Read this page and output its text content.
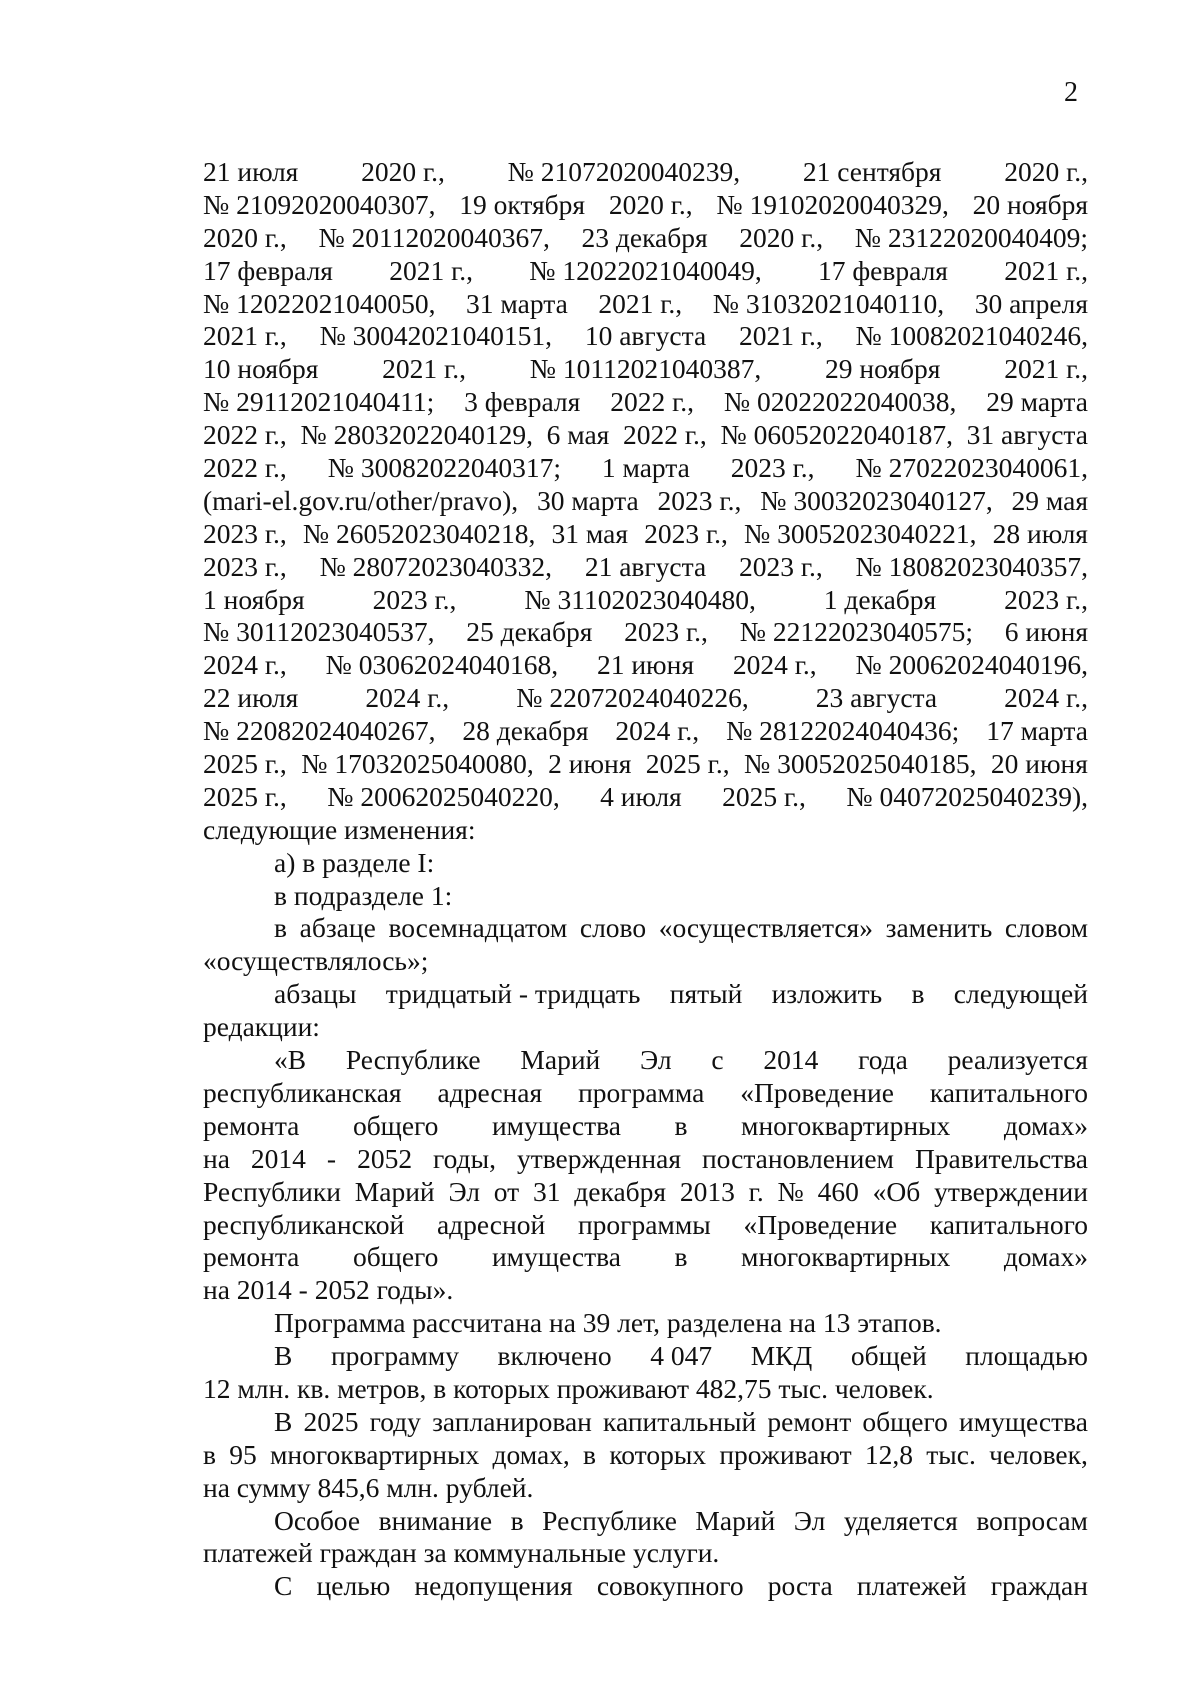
2
21 июля 2020 г., № 21072020040239, 21 сентября 2020 г.,
№ 21092020040307, 19 октября 2020 г., № 19102020040329, 20 ноября
2020 г., № 20112020040367, 23 декабря 2020 г., № 23122020040409;
17 февраля 2021 г., № 12022021040049, 17 февраля 2021 г.,
№ 12022021040050, 31 марта 2021 г., № 31032021040110, 30 апреля
2021 г., № 30042021040151, 10 августа 2021 г., № 10082021040246,
10 ноября 2021 г., № 10112021040387, 29 ноября 2021 г.,
№ 29112021040411; 3 февраля 2022 г., № 02022022040038, 29 марта
2022 г., № 28032022040129, 6 мая 2022 г., № 06052022040187, 31 августа
2022 г., № 30082022040317; 1 марта 2023 г., № 27022023040061,
(mari-el.gov.ru/other/pravo), 30 марта 2023 г., № 30032023040127, 29 мая
2023 г., № 26052023040218, 31 мая 2023 г., № 30052023040221, 28 июля
2023 г., № 28072023040332, 21 августа 2023 г., № 18082023040357,
1 ноября 2023 г., № 31102023040480, 1 декабря 2023 г.,
№ 30112023040537, 25 декабря 2023 г., № 22122023040575; 6 июня
2024 г., № 03062024040168, 21 июня 2024 г., № 20062024040196,
22 июля 2024 г., № 22072024040226, 23 августа 2024 г.,
№ 22082024040267, 28 декабря 2024 г., № 28122024040436; 17 марта
2025 г., № 17032025040080, 2 июня 2025 г., № 30052025040185, 20 июня
2025 г., № 20062025040220, 4 июля 2025 г., № 04072025040239),
следующие изменения:
а) в разделе I:
в подразделе 1:
в абзаце восемнадцатом слово «осуществляется» заменить словом
«осуществлялось»;
абзацы тридцатый - тридцать пятый изложить в следующей
редакции:
«В Республике Марий Эл с 2014 года реализуется
республиканская адресная программа «Проведение капитального
ремонта общего имущества в многоквартирных домах»
на 2014 - 2052 годы, утвержденная постановлением Правительства
Республики Марий Эл от 31 декабря 2013 г. № 460 «Об утверждении
республиканской адресной программы «Проведение капитального
ремонта общего имущества в многоквартирных домах»
на 2014 - 2052 годы».
Программа рассчитана на 39 лет, разделена на 13 этапов.
В программу включено 4 047 МКД общей площадью
12 млн. кв. метров, в которых проживают 482,75 тыс. человек.
В 2025 году запланирован капитальный ремонт общего имущества
в 95 многоквартирных домах, в которых проживают 12,8 тыс. человек,
на сумму 845,6 млн. рублей.
Особое внимание в Республике Марий Эл уделяется вопросам
платежей граждан за коммунальные услуги.
С целью недопущения совокупного роста платежей граждан
